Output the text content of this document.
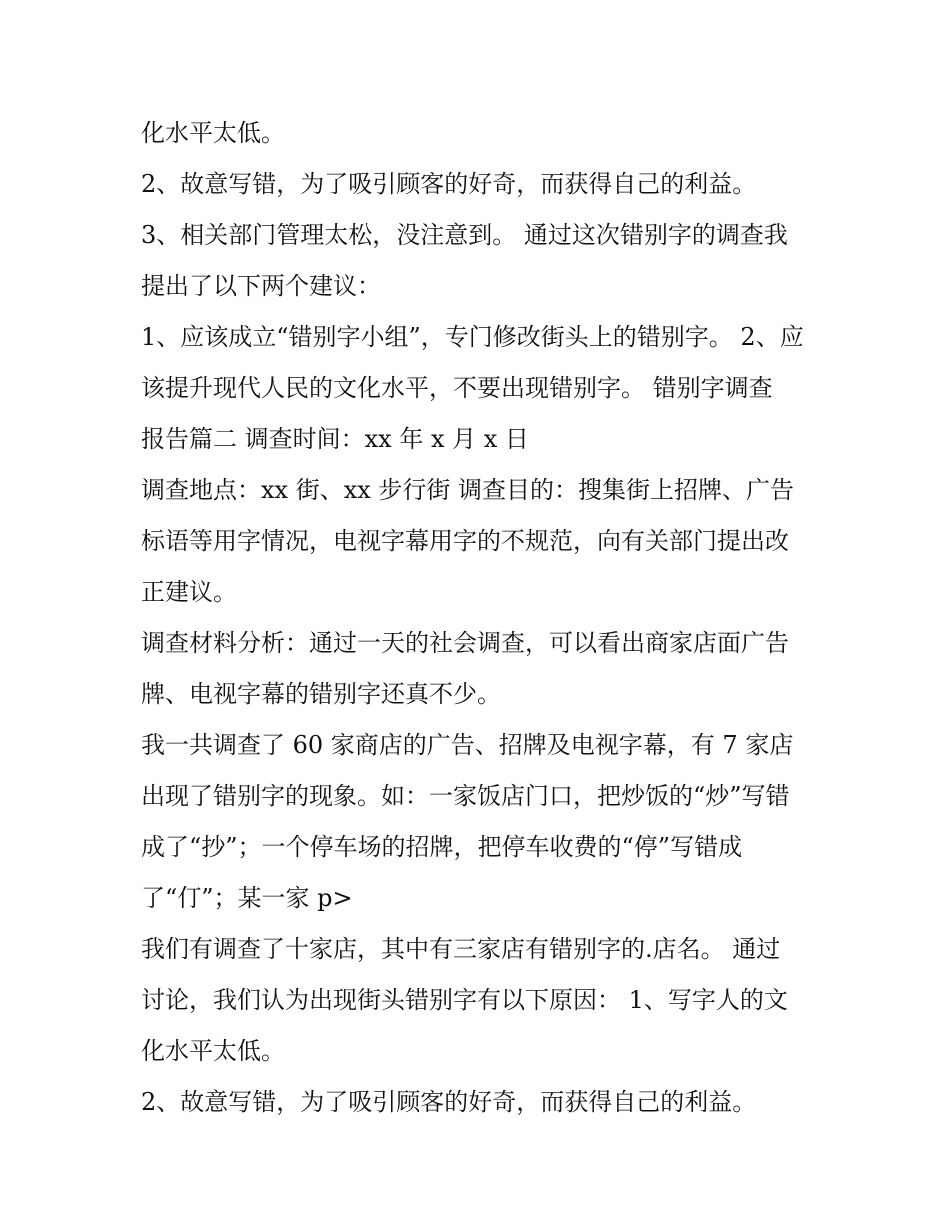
化水平太低。

2、故意写错，为了吸引顾客的好奇，而获得自己的利益。

3、相关部门管理太松，没注意到。 通过这次错别字的调查我

提出了以下两个建议：

1、应该成立“错别字小组”，专门修改街头上的错别字。 2、应

该提升现代人民的文化水平，不要出现错别字。 错别字调查

报告篇二 调查时间：xx 年 x 月 x 日

调查地点：xx 街、xx 步行街 调查目的：搜集街上招牌、广告

标语等用字情况，电视字幕用字的不规范，向有关部门提出改

正建议。

调查材料分析：通过一天的社会调查，可以看出商家店面广告

牌、电视字幕的错别字还真不少。

我一共调查了 60 家商店的广告、招牌及电视字幕，有 7 家店

出现了错别字的现象。如：一家饭店门口，把炒饭的“炒”写错

成了“抄”；一个停车场的招牌，把停车收费的“停”写错成

了“仃”；某一家 p>

我们有调查了十家店，其中有三家店有错别字的.店名。 通过

讨论，我们认为出现街头错别字有以下原因： 1、写字人的文

化水平太低。

2、故意写错，为了吸引顾客的好奇，而获得自己的利益。
